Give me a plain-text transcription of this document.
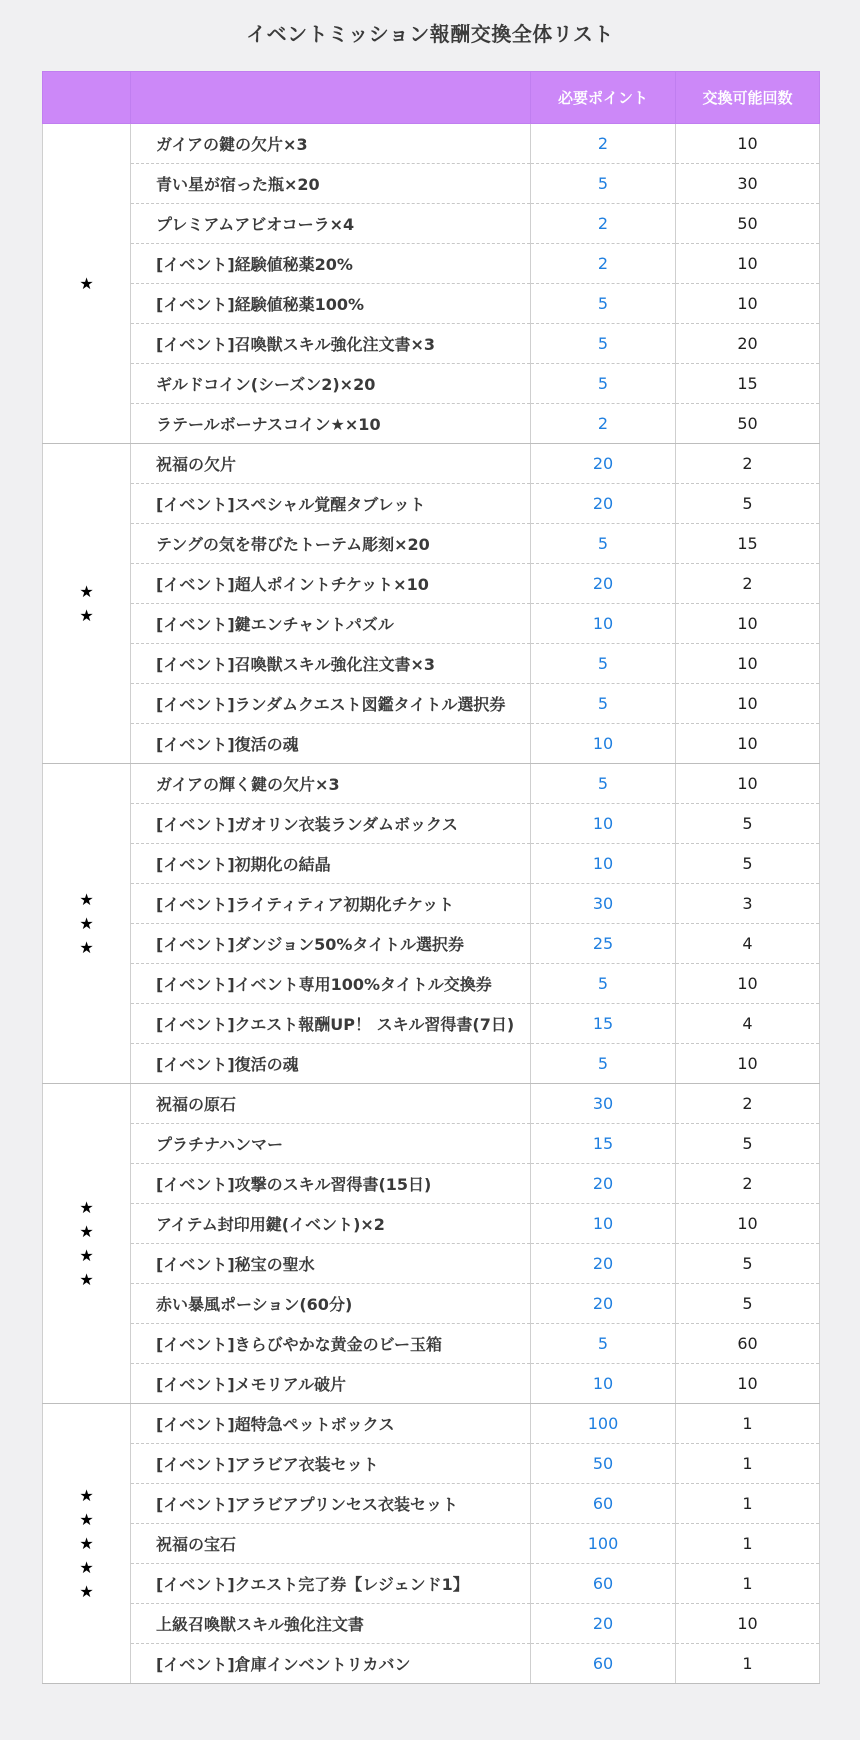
イベントミッション報酬交換全体リスト
		必要ポイント	交換可能回数

★	ガイアの鍵の欠片×3	2	10
	青い星が宿った瓶×20	5	30
	プレミアムアビオコーラ×4	2	50
	[イベント]経験値秘薬20%	2	10
	[イベント]経験値秘薬100%	5	10
	[イベント]召喚獣スキル強化注文書×3	5	20
	ギルドコイン(シーズン2)×20	5	15
	ラテールボーナスコイン★×10	2	50

★
★	祝福の欠片	20	2
	[イベント]スペシャル覚醒タブレット	20	5
	テングの気を帯びたトーテム彫刻×20	5	15
	[イベント]超人ポイントチケット×10	20	2
	[イベント]鍵エンチャントパズル	10	10
	[イベント]召喚獣スキル強化注文書×3	5	10
	[イベント]ランダムクエスト図鑑タイトル選択券	5	10
	[イベント]復活の魂	10	10

★
★
★	ガイアの輝く鍵の欠片×3	5	10
	[イベント]ガオリン衣装ランダムボックス	10	5
	[イベント]初期化の結晶	10	5
	[イベント]ライティティア初期化チケット	30	3
	[イベント]ダンジョン50%タイトル選択券	25	4
	[イベント]イベント専用100%タイトル交換券	5	10
	[イベント]クエスト報酬UP！ スキル習得書(7日)	15	4
	[イベント]復活の魂	5	10

★
★
★
★	祝福の原石	30	2
	プラチナハンマー	15	5
	[イベント]攻撃のスキル習得書(15日)	20	2
	アイテム封印用鍵(イベント)×2	10	10
	[イベント]秘宝の聖水	20	5
	赤い暴風ポーション(60分)	20	5
	[イベント]きらびやかな黄金のビー玉箱	5	60
	[イベント]メモリアル破片	10	10

★
★
★
★
★	[イベント]超特急ペットボックス	100	1
	[イベント]アラビア衣装セット	50	1
	[イベント]アラビアプリンセス衣装セット	60	1
	祝福の宝石	100	1
	[イベント]クエスト完了券【レジェンド1】	60	1
	上級召喚獣スキル強化注文書	20	10
	[イベント]倉庫インベントリカバン	60	1
